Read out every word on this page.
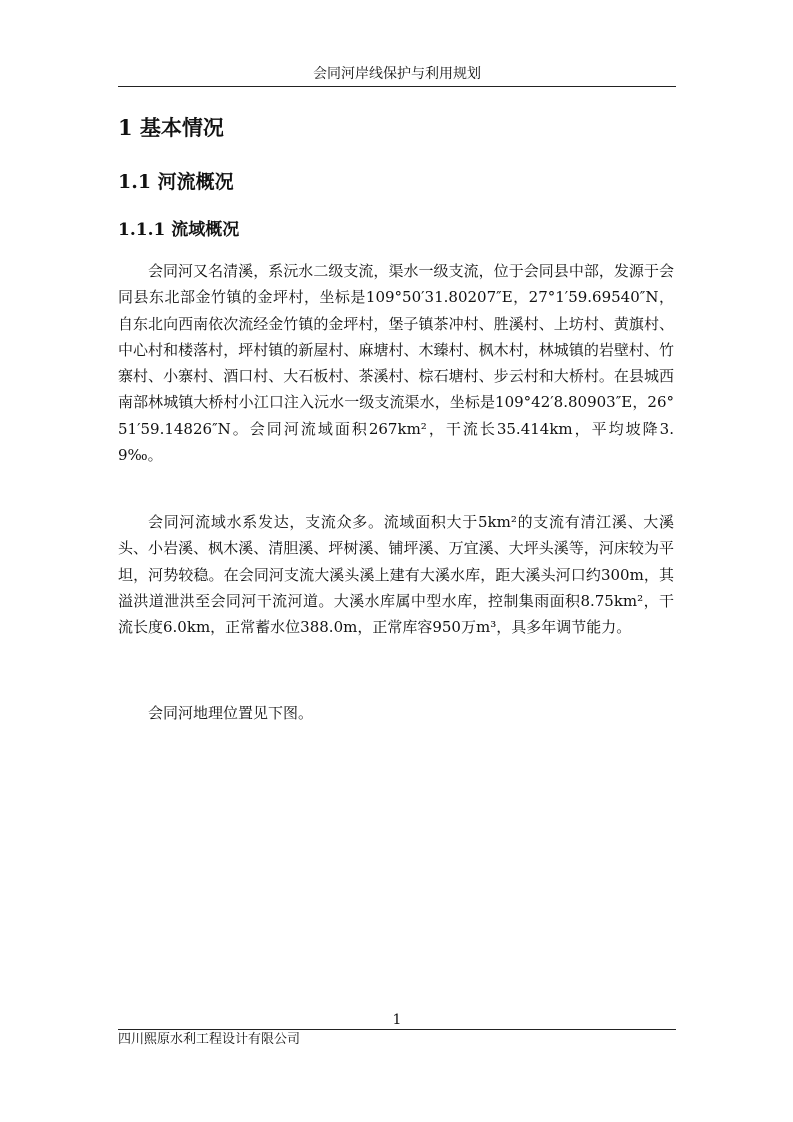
会同河岸线保护与利用规划
1 基本情况
1.1 河流概况
1.1.1 流域概况

会同河又名清溪，系沅水二级支流，渠水一级支流，位于会同县中部，发源于会同县东北部金竹镇的金坪村，坐标是109°50′31.80207″E，27°1′59.69540″N，自东北向西南依次流经金竹镇的金坪村，堡子镇茶冲村、胜溪村、上坊村、黄旗村、中心村和楼落村，坪村镇的新屋村、麻塘村、木臻村、枫木村，林城镇的岩壁村、竹寨村、小寨村、酒口村、大石板村、茶溪村、棕石塘村、步云村和大桥村。在县城西南部林城镇大桥村小江口注入沅水一级支流渠水，坐标是109°42′8.80903″E，26°51′59.14826″N。会同河流域面积267km²，干流长35.414km，平均坡降3.9‰。

会同河流域水系发达，支流众多。流域面积大于5km²的支流有清江溪、大溪头、小岩溪、枫木溪、清胆溪、坪树溪、铺坪溪、万宜溪、大坪头溪等，河床较为平坦，河势较稳。在会同河支流大溪头溪上建有大溪水库，距大溪头河口约300m，其溢洪道泄洪至会同河干流河道。大溪水库属中型水库，控制集雨面积8.75km²，干流长度6.0km，正常蓄水位388.0m，正常库容950万m³，具多年调节能力。

会同河地理位置见下图。

1
四川熙原水利工程设计有限公司
